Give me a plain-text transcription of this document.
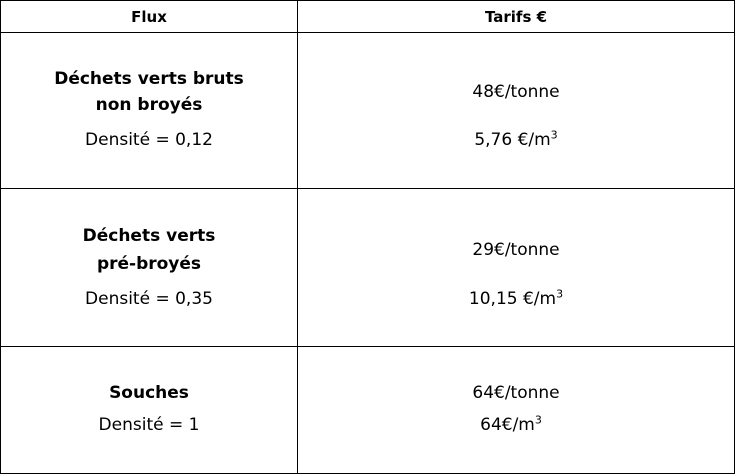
Flux	Tarifs €
Déchets verts bruts
non broyés
Densité = 0,12
48€/tonne
5,76 $€/m^3$
Déchets verts
pré-broyés
Densité = 0,35
29€/tonne
10,15 $€/m^3$
Souches
Densité = 1
64€/tonne
$64€/m^3$
